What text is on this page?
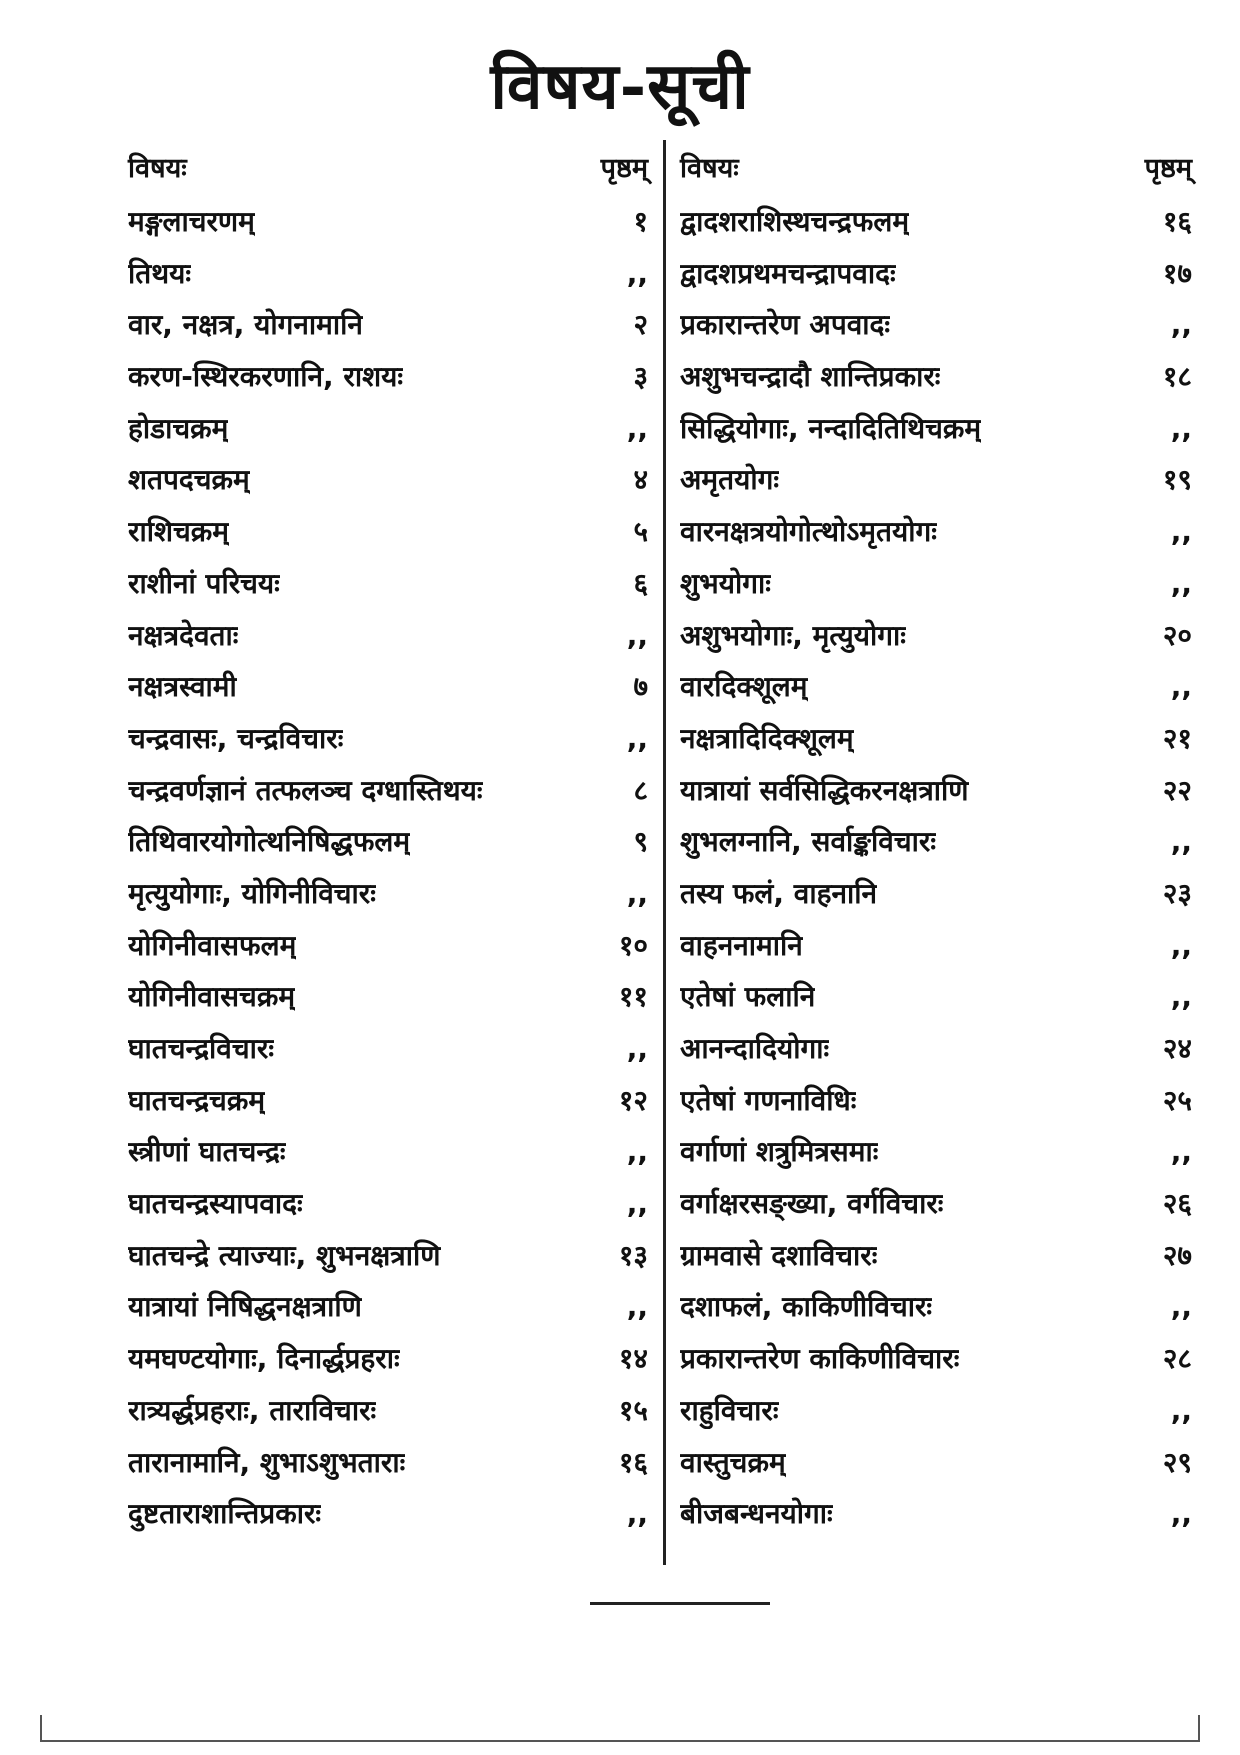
विषय-सूची
विषयः	पृष्ठम्
मङ्गलाचरणम्	१
तिथयः	,,
वार, नक्षत्र, योगनामानि	२
करण-स्थिरकरणानि, राशयः	३
होडाचक्रम्	,,
शतपदचक्रम्	४
राशिचक्रम्	५
राशीनां परिचयः	६
नक्षत्रदेवताः	,,
नक्षत्रस्वामी	७
चन्द्रवासः, चन्द्रविचारः	,,
चन्द्रवर्णज्ञानं तत्फलञ्च दग्धास्तिथयः	८
तिथिवारयोगोत्थनिषिद्धफलम्	९
मृत्युयोगाः, योगिनीविचारः	,,
योगिनीवासफलम्	१०
योगिनीवासचक्रम्	११
घातचन्द्रविचारः	,,
घातचन्द्रचक्रम्	१२
स्त्रीणां घातचन्द्रः	,,
घातचन्द्रस्यापवादः	,,
घातचन्द्रे त्याज्याः, शुभनक्षत्राणि	१३
यात्रायां निषिद्धनक्षत्राणि	,,
यमघण्टयोगाः, दिनार्द्धप्रहराः	१४
रात्र्यर्द्धप्रहराः, ताराविचारः	१५
तारानामानि, शुभाऽशुभताराः	१६
दुष्टताराशान्तिप्रकारः	,,
विषयः	पृष्ठम्
द्वादशराशिस्थचन्द्रफलम्	१६
द्वादशप्रथमचन्द्रापवादः	१७
प्रकारान्तरेण अपवादः	,,
अशुभचन्द्रादौ शान्तिप्रकारः	१८
सिद्धियोगाः, नन्दादितिथिचक्रम्	,,
अमृतयोगः	१९
वारनक्षत्रयोगोत्थोऽमृतयोगः	,,
शुभयोगाः	,,
अशुभयोगाः, मृत्युयोगाः	२०
वारदिक्शूलम्	,,
नक्षत्रादिदिक्शूलम्	२१
यात्रायां सर्वसिद्धिकरनक्षत्राणि	२२
शुभलग्नानि, सर्वाङ्कविचारः	,,
तस्य फलं, वाहनानि	२३
वाहननामानि	,,
एतेषां फलानि	,,
आनन्दादियोगाः	२४
एतेषां गणनाविधिः	२५
वर्गाणां शत्रुमित्रसमाः	,,
वर्गाक्षरसङ्ख्या, वर्गविचारः	२६
ग्रामवासे दशाविचारः	२७
दशाफलं, काकिणीविचारः	,,
प्रकारान्तरेण काकिणीविचारः	२८
राहुविचारः	,,
वास्तुचक्रम्	२९
बीजबन्धनयोगाः	,,
